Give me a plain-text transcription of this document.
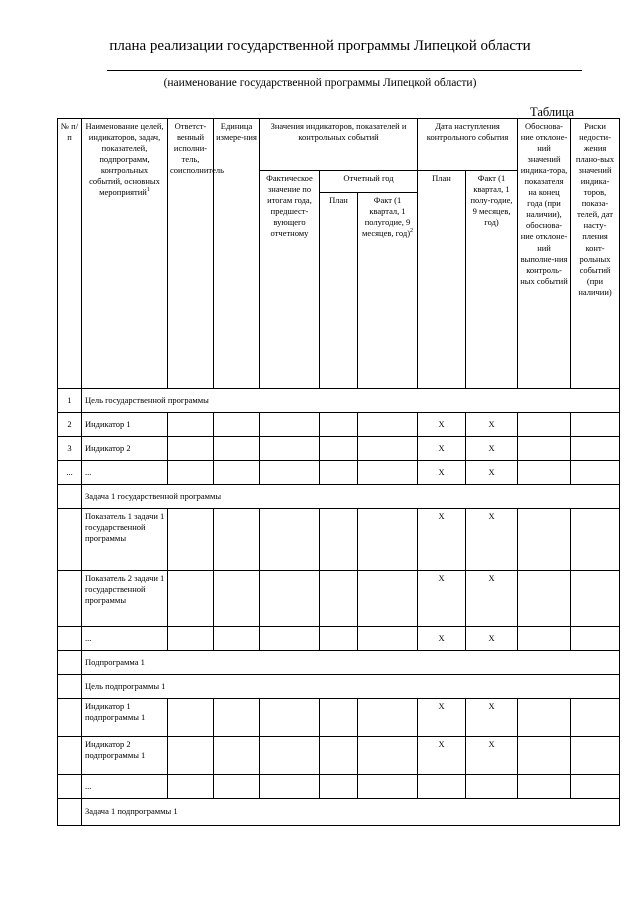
плана реализации государственной программы Липецкой области
(наименование государственной программы Липецкой области)
Таблица
№ п/п	Наименование целей, индикаторов, задач, показателей, подпрограмм, контрольных событий, основных мероприятий$^1$	Ответст-венный исполни-тель, соисполнитель	Единица измере-ния	Значения индикаторов, показателей и контрольных событий			Дата наступления контрольного события		Обоснова-ние отклоне-ний значений индика-тора, показателя на конец года (при наличии), обоснова-ние отклоне-ний выполне-ния контроль-ных событий	Риски недости-жения плано-вых значений индика-торов, показа-телей, дат насту-пления конт-рольных событий (при наличии)
				Фактическое значение по итогам года, предшест-вующего отчетному	Отчетный год		План	Факт (1 квартал, 1 полу-годие, 9 месяцев, год)		
					План	Факт (1 квартал, 1 полугодие, 9 месяцев, год)$^2$
1	Цель государственной программы									
2	Индикатор 1						Х	Х		
3	Индикатор 2						Х	Х		
...	...						Х	Х		
	Задача 1 государственной программы									
	Показатель 1 задачи 1 государственной программы						Х	Х		
	Показатель 2 задачи 1 государственной программы						Х	Х		
	...						Х	Х		
	Подпрограмма 1									
	Цель подпрограммы 1									
	Индикатор 1 подпрограммы 1						Х	Х		
	Индикатор 2 подпрограммы 1						Х	Х		
	...									
	Задача 1 подпрограммы 1									
